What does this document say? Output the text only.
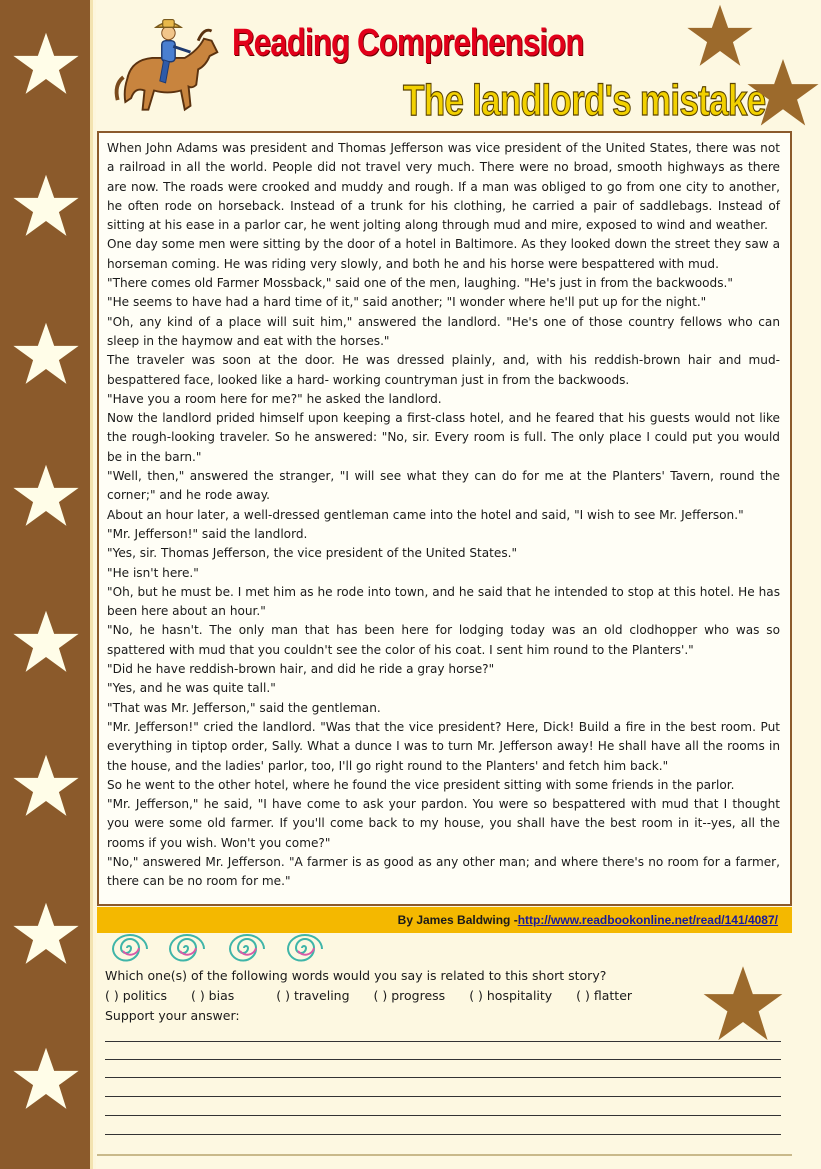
Reading Comprehension
The landlord's mistake

When John Adams was president and Thomas Jefferson was vice president of the United States, there was not a railroad in all the world. People did not travel very much. There were no broad, smooth highways as there are now. The roads were crooked and muddy and rough. If a man was obliged to go from one city to another, he often rode on horseback. Instead of a trunk for his clothing, he carried a pair of saddlebags. Instead of sitting at his ease in a parlor car, he went jolting along through mud and mire, exposed to wind and weather.

One day some men were sitting by the door of a hotel in Baltimore. As they looked down the street they saw a horseman coming. He was riding very slowly, and both he and his horse were bespattered with mud.

"There comes old Farmer Mossback," said one of the men, laughing. "He's just in from the backwoods."

"He seems to have had a hard time of it," said another; "I wonder where he'll put up for the night."

"Oh, any kind of a place will suit him," answered the landlord. "He's one of those country fellows who can sleep in the haymow and eat with the horses."

The traveler was soon at the door. He was dressed plainly, and, with his reddish-brown hair and mud-bespattered face, looked like a hard- working countryman just in from the backwoods.

"Have you a room here for me?" he asked the landlord.

Now the landlord prided himself upon keeping a first-class hotel, and he feared that his guests would not like the rough-looking traveler. So he answered: "No, sir. Every room is full. The only place I could put you would be in the barn."

"Well, then," answered the stranger, "I will see what they can do for me at the Planters' Tavern, round the corner;" and he rode away.

About an hour later, a well-dressed gentleman came into the hotel and said, "I wish to see Mr. Jefferson."

"Mr. Jefferson!" said the landlord.

"Yes, sir. Thomas Jefferson, the vice president of the United States."

"He isn't here."

"Oh, but he must be. I met him as he rode into town, and he said that he intended to stop at this hotel. He has been here about an hour."

"No, he hasn't. The only man that has been here for lodging today was an old clodhopper who was so spattered with mud that you couldn't see the color of his coat. I sent him round to the Planters'."

"Did he have reddish-brown hair, and did he ride a gray horse?"

"Yes, and he was quite tall."

"That was Mr. Jefferson," said the gentleman.

"Mr. Jefferson!" cried the landlord. "Was that the vice president? Here, Dick! Build a fire in the best room. Put everything in tiptop order, Sally. What a dunce I was to turn Mr. Jefferson away! He shall have all the rooms in the house, and the ladies' parlor, too, I'll go right round to the Planters' and fetch him back."

So he went to the other hotel, where he found the vice president sitting with some friends in the parlor.

"Mr. Jefferson," he said, "I have come to ask your pardon. You were so bespattered with mud that I thought you were some old farmer. If you'll come back to my house, you shall have the best room in it--yes, all the rooms if you wish. Won't you come?"

"No," answered Mr. Jefferson. "A farmer is as good as any other man; and where there's no room for a farmer, there can be no room for me."

By James Baldwing - http://www.readbookonline.net/read/141/4087/

Which one(s) of the following words would you say is related to this short story?

( ) politics ( ) bias	( ) traveling ( ) progress ( ) hospitality ( ) flatter

Support your answer:
